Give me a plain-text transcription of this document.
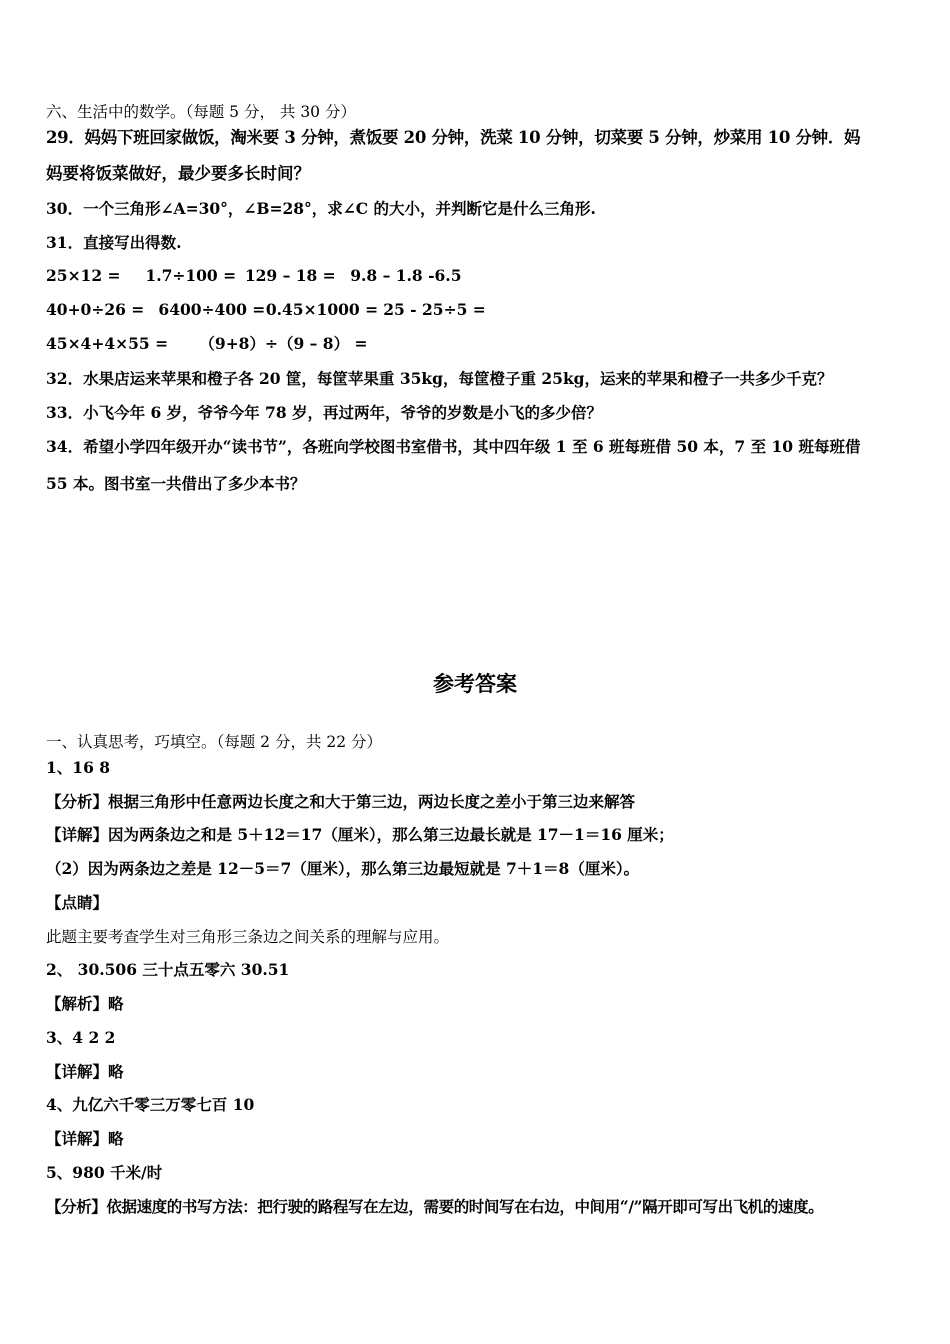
六、生活中的数学。（每题 5 分， 共 30 分）
29．妈妈下班回家做饭，淘米要 3 分钟，煮饭要 20 分钟，洗菜 10 分钟，切菜要 5 分钟，炒菜用 10 分钟．妈
妈要将饭菜做好，最少要多长时间？
30．一个三角形∠A=30°，∠B=28°，求∠C 的大小，并判断它是什么三角形.
31．直接写出得数.
25×12 = 1.7÷100 = 129 – 18 = 9.8 – 1.8 -6.5
40+0÷26 = 6400÷400 = 0.45×1000 = 25 - 25÷5 =
45×4+4×55 = （9+8）÷（9 – 8） =
32．水果店运来苹果和橙子各 20 筐，每筐苹果重 35kg，每筐橙子重 25kg，运来的苹果和橙子一共多少千克？
33．小飞今年 6 岁，爷爷今年 78 岁，再过两年，爷爷的岁数是小飞的多少倍？
34．希望小学四年级开办“读书节”，各班向学校图书室借书，其中四年级 1 至 6 班每班借 50 本，7 至 10 班每班借
55 本。图书室一共借出了多少本书？
参考答案
一、认真思考，巧填空。（每题 2 分，共 22 分）
1、16 8
【分析】根据三角形中任意两边长度之和大于第三边，两边长度之差小于第三边来解答
【详解】因为两条边之和是 5＋12＝17（厘米），那么第三边最长就是 17－1＝16 厘米；
（2）因为两条边之差是 12－5＝7（厘米），那么第三边最短就是 7＋1＝8（厘米）。
【点睛】
此题主要考查学生对三角形三条边之间关系的理解与应用。
2、 30.506 三十点五零六 30.51
【解析】略
3、4 2 2
【详解】略
4、九亿六千零三万零七百 10
【详解】略
5、980 千米/时
【分析】依据速度的书写方法：把行驶的路程写在左边，需要的时间写在右边，中间用“/”隔开即可写出飞机的速度。
